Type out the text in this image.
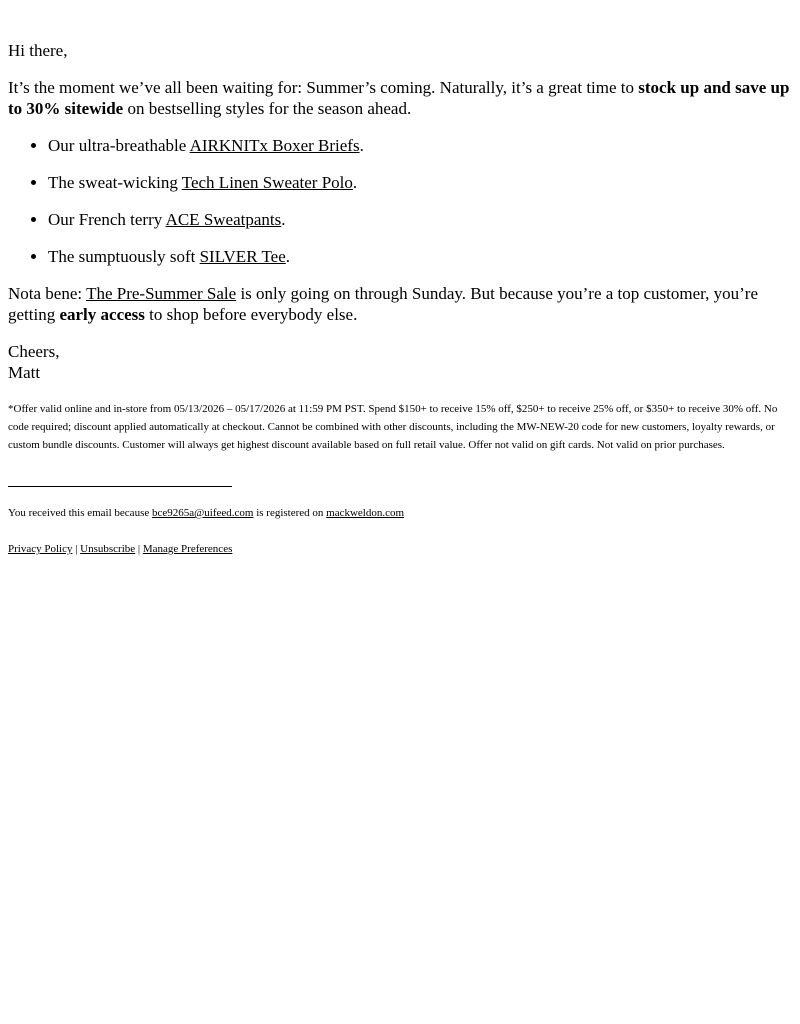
Hi there,

It’s the moment we’ve all been waiting for: Summer’s coming. Naturally, it’s a great time to stock up and save up to 30% sitewide on bestselling styles for the season ahead.

• Our ultra-breathable AIRKNITx Boxer Briefs.
• The sweat-wicking Tech Linen Sweater Polo.
• Our French terry ACE Sweatpants.
• The sumptuously soft SILVER Tee.

Nota bene: The Pre-Summer Sale is only going on through Sunday. But because you’re a top customer, you’re getting early access to shop before everybody else.

Cheers,
Matt

*Offer valid online and in-store from 05/13/2026 – 05/17/2026 at 11:59 PM PST. Spend $150+ to receive 15% off, $250+ to receive 25% off, or $350+ to receive 30% off. No code required; discount applied automatically at checkout. Cannot be combined with other discounts, including the MW-NEW-20 code for new customers, loyalty rewards, or custom bundle discounts. Customer will always get highest discount available based on full retail value. Offer not valid on gift cards. Not valid on prior purchases.

You received this email because bce9265a@uifeed.com is registered on mackweldon.com

Privacy Policy | Unsubscribe | Manage Preferences
